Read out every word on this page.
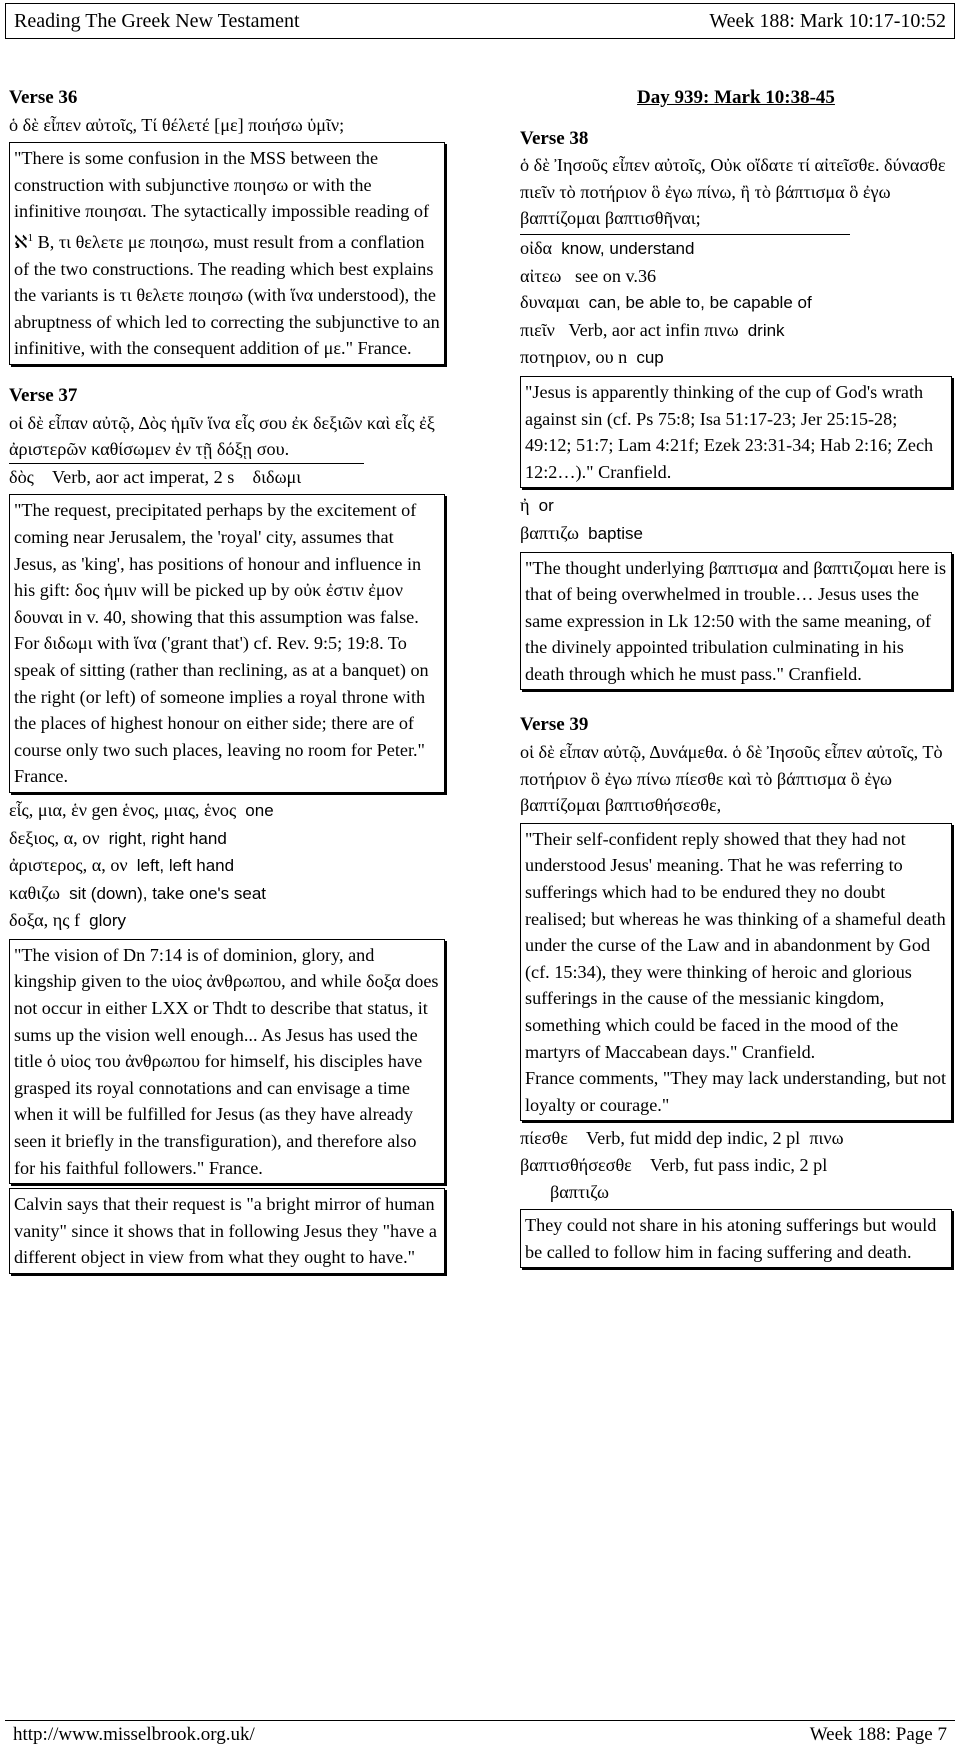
Reading The Greek New Testament	Week 188: Mark 10:17-10:52
Verse 36
ὁ δὲ εἶπεν αὐτοῖς, Τί θέλετέ [με] ποιήσω ὑμῖν;
"There is some confusion in the MSS between the construction with subjunctive ποιησω or with the infinitive ποιησαι. The sytactically impossible reading of ℵ$^1$ B, τι θελετε με ποιησω, must result from a conflation of the two constructions. The reading which best explains the variants is τι θελετε ποιησω (with ἵνα understood), the abruptness of which led to correcting the subjunctive to an infinitive, with the consequent addition of με." France.
Verse 37
οἱ δὲ εἶπαν αὐτῷ, Δὸς ἡμῖν ἵνα εἷς σου ἐκ δεξιῶν καὶ εἷς ἐξ ἀριστερῶν καθίσωμεν ἐν τῇ δόξῃ σου.
δὸς    Verb, aor act imperat, 2 s    διδωμι
"The request, precipitated perhaps by the excitement of coming near Jerusalem, the 'royal' city, assumes that Jesus, as 'king', has positions of honour and influence in his gift: δος ἡμιν will be picked up by οὐκ ἐστιν ἐμον δουναι in v. 40, showing that this assumption was false. For διδωμι with ἵνα ('grant that') cf. Rev. 9:5; 19:8. To speak of sitting (rather than reclining, as at a banquet) on the right (or left) of someone implies a royal throne with the places of highest honour on either side; there are of course only two such places, leaving no room for Peter." France.
εἷς, μια, ἑν gen ἑνος, μιας, ἑνος one
δεξιος, α, ον right, right hand
ἀριστερος, α, ον left, left hand
καθιζω sit (down), take one's seat
δοξα, ης f glory
"The vision of Dn 7:14 is of dominion, glory, and kingship given to the υἱος ἀνθρωπου, and while δοξα does not occur in either LXX or Thdt to describe that status, it sums up the vision well enough... As Jesus has used the title ὁ υἱος του ἀνθρωπου for himself, his disciples have grasped its royal connotations and can envisage a time when it will be fulfilled for Jesus (as they have already seen it briefly in the transfiguration), and therefore also for his faithful followers." France.
Calvin says that their request is "a bright mirror of human vanity" since it shows that in following Jesus they "have a different object in view from what they ought to have."
Day 939: Mark 10:38-45
Verse 38
ὁ δὲ Ἰησοῦς εἶπεν αὐτοῖς, Οὐκ οἴδατε τί αἰτεῖσθε. δύνασθε πιεῖν τὸ ποτήριον ὃ ἐγω πίνω, ἢ τὸ βάπτισμα ὃ ἐγω βαπτίζομαι βαπτισθῆναι;
οἰδα know, understand
αἰτεω see on v.36
δυναμαι can, be able to, be capable of
πιεῖν Verb, aor act infin πινω drink
ποτηριον, ου n cup
"Jesus is apparently thinking of the cup of God's wrath against sin (cf. Ps 75:8; Isa 51:17-23; Jer 25:15-28; 49:12; 51:7; Lam 4:21f; Ezek 23:31-34; Hab 2:16; Zech 12:2…)." Cranfield.
ἠ or
βαπτιζω baptise
"The thought underlying βαπτισμα and βαπτιζομαι here is that of being overwhelmed in trouble… Jesus uses the same expression in Lk 12:50 with the same meaning, of the divinely appointed tribulation culminating in his death through which he must pass." Cranfield.
Verse 39
οἱ δὲ εἶπαν αὐτῷ, Δυνάμεθα. ὁ δὲ Ἰησοῦς εἶπεν αὐτοῖς, Τὸ ποτήριον ὃ ἐγω πίνω πίεσθε καὶ τὸ βάπτισμα ὃ ἐγω βαπτίζομαι βαπτισθήσεσθε,
"Their self-confident reply showed that they had not understood Jesus' meaning. That he was referring to sufferings which had to be endured they no doubt realised; but whereas he was thinking of a shameful death under the curse of the Law and in abandonment by God (cf. 15:34), they were thinking of heroic and glorious sufferings in the cause of the messianic kingdom, something which could be faced in the mood of the martyrs of Maccabean days." Cranfield.
France comments, "They may lack understanding, but not loyalty or courage."
πίεσθε    Verb, fut midd dep indic, 2 pl  πινω
βαπτισθήσεσθε    Verb, fut pass indic, 2 pl
βαπτιζω
They could not share in his atoning sufferings but would be called to follow him in facing suffering and death.
http://www.misselbrook.org.uk/	Week 188: Page 7
